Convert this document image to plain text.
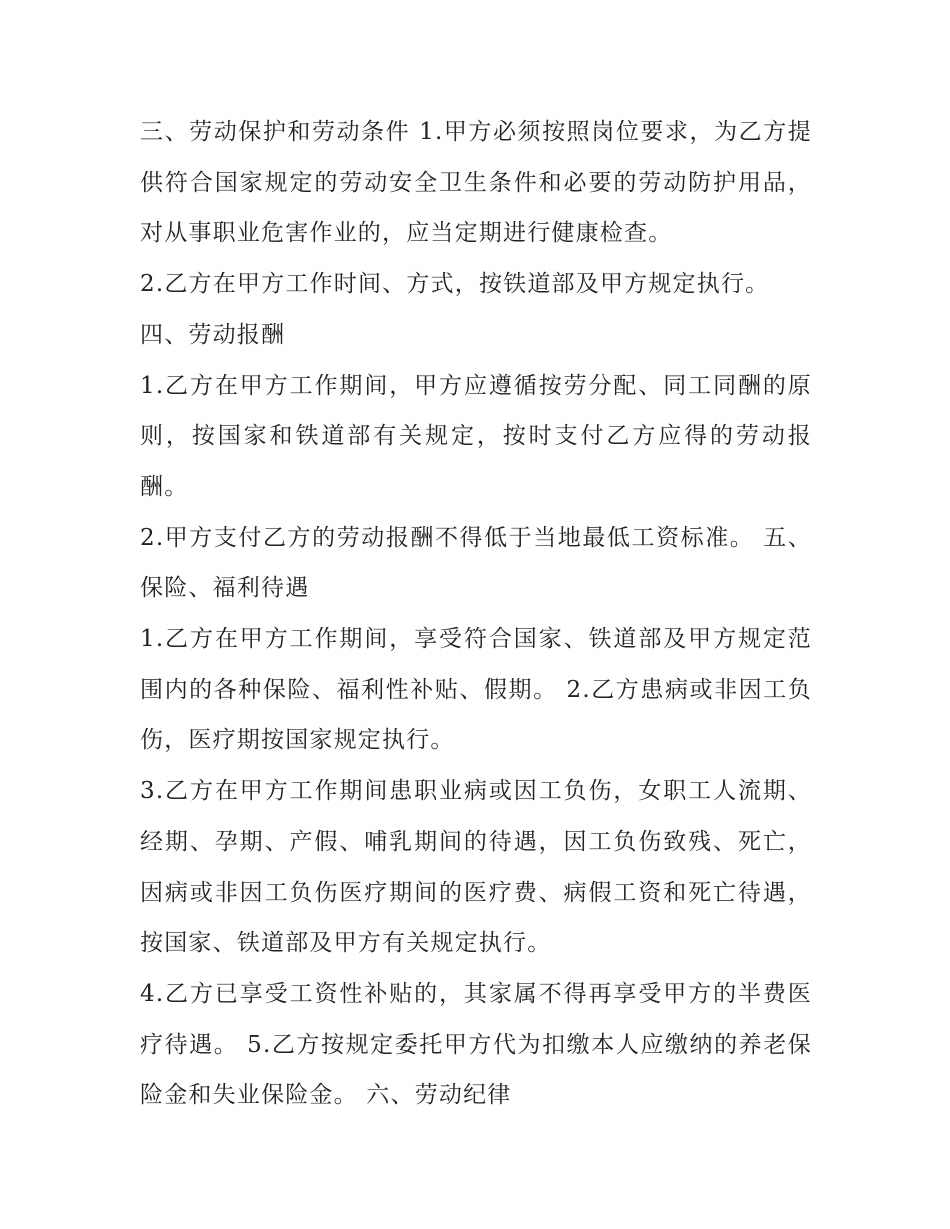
三、劳动保护和劳动条件 1.甲方必须按照岗位要求，为乙方提供符合国家规定的劳动安全卫生条件和必要的劳动防护用品，对从事职业危害作业的，应当定期进行健康检查。

2.乙方在甲方工作时间、方式，按铁道部及甲方规定执行。

四、劳动报酬

1.乙方在甲方工作期间，甲方应遵循按劳分配、同工同酬的原则，按国家和铁道部有关规定，按时支付乙方应得的劳动报酬。

2.甲方支付乙方的劳动报酬不得低于当地最低工资标准。 五、保险、福利待遇

1.乙方在甲方工作期间，享受符合国家、铁道部及甲方规定范围内的各种保险、福利性补贴、假期。 2.乙方患病或非因工负伤，医疗期按国家规定执行。

3.乙方在甲方工作期间患职业病或因工负伤，女职工人流期、经期、孕期、产假、哺乳期间的待遇，因工负伤致残、死亡，因病或非因工负伤医疗期间的医疗费、病假工资和死亡待遇，按国家、铁道部及甲方有关规定执行。

4.乙方已享受工资性补贴的，其家属不得再享受甲方的半费医疗待遇。 5.乙方按规定委托甲方代为扣缴本人应缴纳的养老保险金和失业保险金。 六、劳动纪律
